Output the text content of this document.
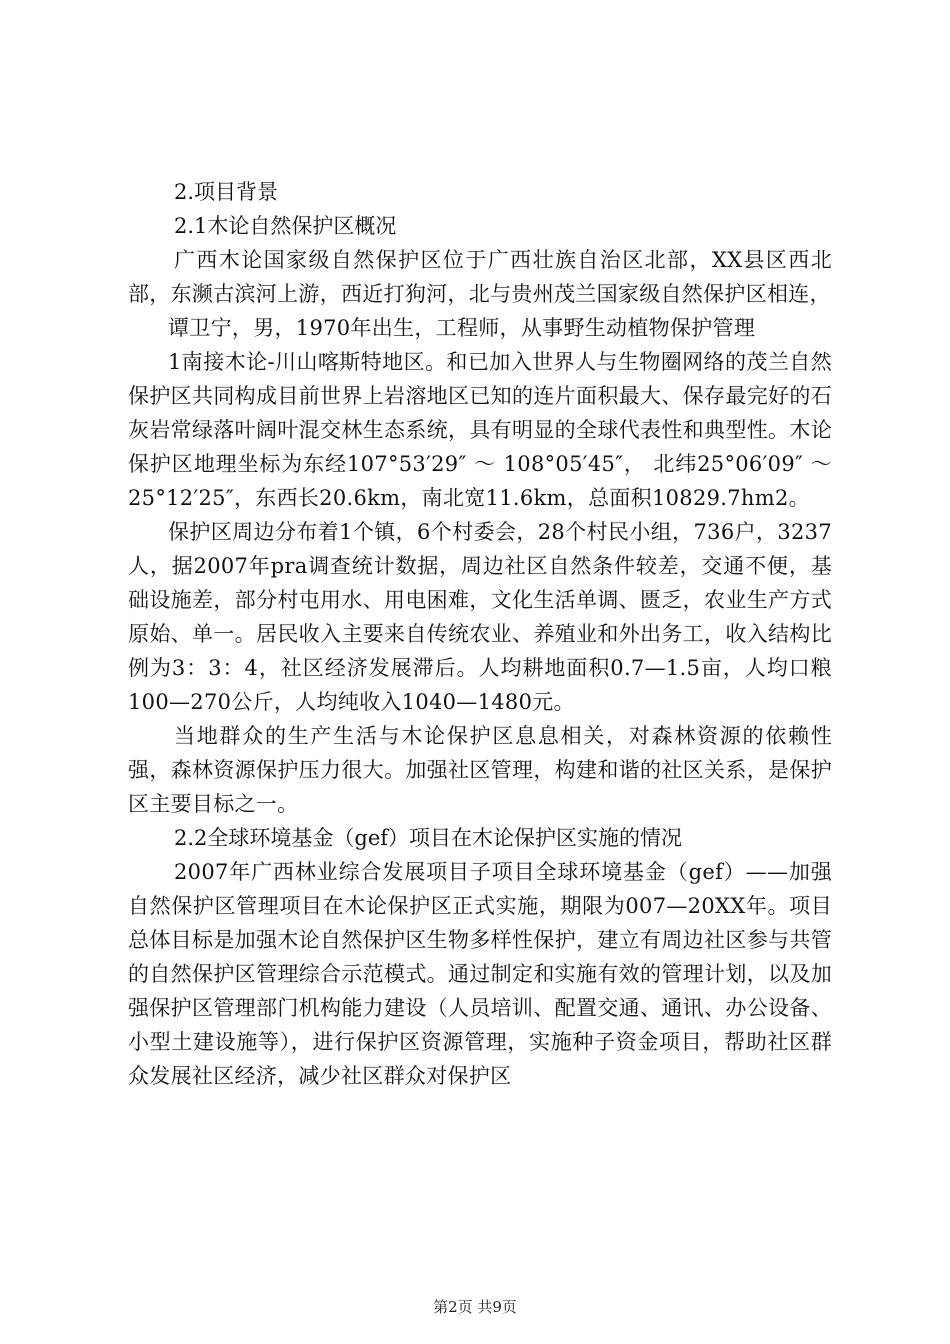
2.项目背景

2.1木论自然保护区概况

广西木论国家级自然保护区位于广西壮族自治区北部，XX县区西北部，东濒古滨河上游，西近打狗河，北与贵州茂兰国家级自然保护区相连，

谭卫宁，男，1970年出生，工程师，从事野生动植物保护管理

1南接木论-川山喀斯特地区。和已加入世界人与生物圈网络的茂兰自然保护区共同构成目前世界上岩溶地区已知的连片面积最大、保存最完好的石灰岩常绿落叶阔叶混交林生态系统，具有明显的全球代表性和典型性。木论保护区地理坐标为东经107°53′29″ ～ 108°05′45″， 北纬25°06′09″ ～25°12′25″，东西长20.6km，南北宽11.6km，总面积10829.7hm2。

保护区周边分布着1个镇，6个村委会，28个村民小组，736户，3237人，据2007年pra调查统计数据，周边社区自然条件较差，交通不便，基础设施差，部分村屯用水、用电困难，文化生活单调、匮乏，农业生产方式原始、单一。居民收入主要来自传统农业、养殖业和外出务工，收入结构比例为3：3：4，社区经济发展滞后。人均耕地面积0.7—1.5亩，人均口粮100—270公斤，人均纯收入1040—1480元。

当地群众的生产生活与木论保护区息息相关，对森林资源的依赖性强，森林资源保护压力很大。加强社区管理，构建和谐的社区关系，是保护区主要目标之一。

2.2全球环境基金（gef）项目在木论保护区实施的情况

2007年广西林业综合发展项目子项目全球环境基金（gef）——加强自然保护区管理项目在木论保护区正式实施，期限为007—20XX年。项目总体目标是加强木论自然保护区生物多样性保护，建立有周边社区参与共管的自然保护区管理综合示范模式。通过制定和实施有效的管理计划，以及加强保护区管理部门机构能力建设（人员培训、配置交通、通讯、办公设备、小型土建设施等），进行保护区资源管理，实施种子资金项目，帮助社区群众发展社区经济，减少社区群众对保护区

第2页 共9页
